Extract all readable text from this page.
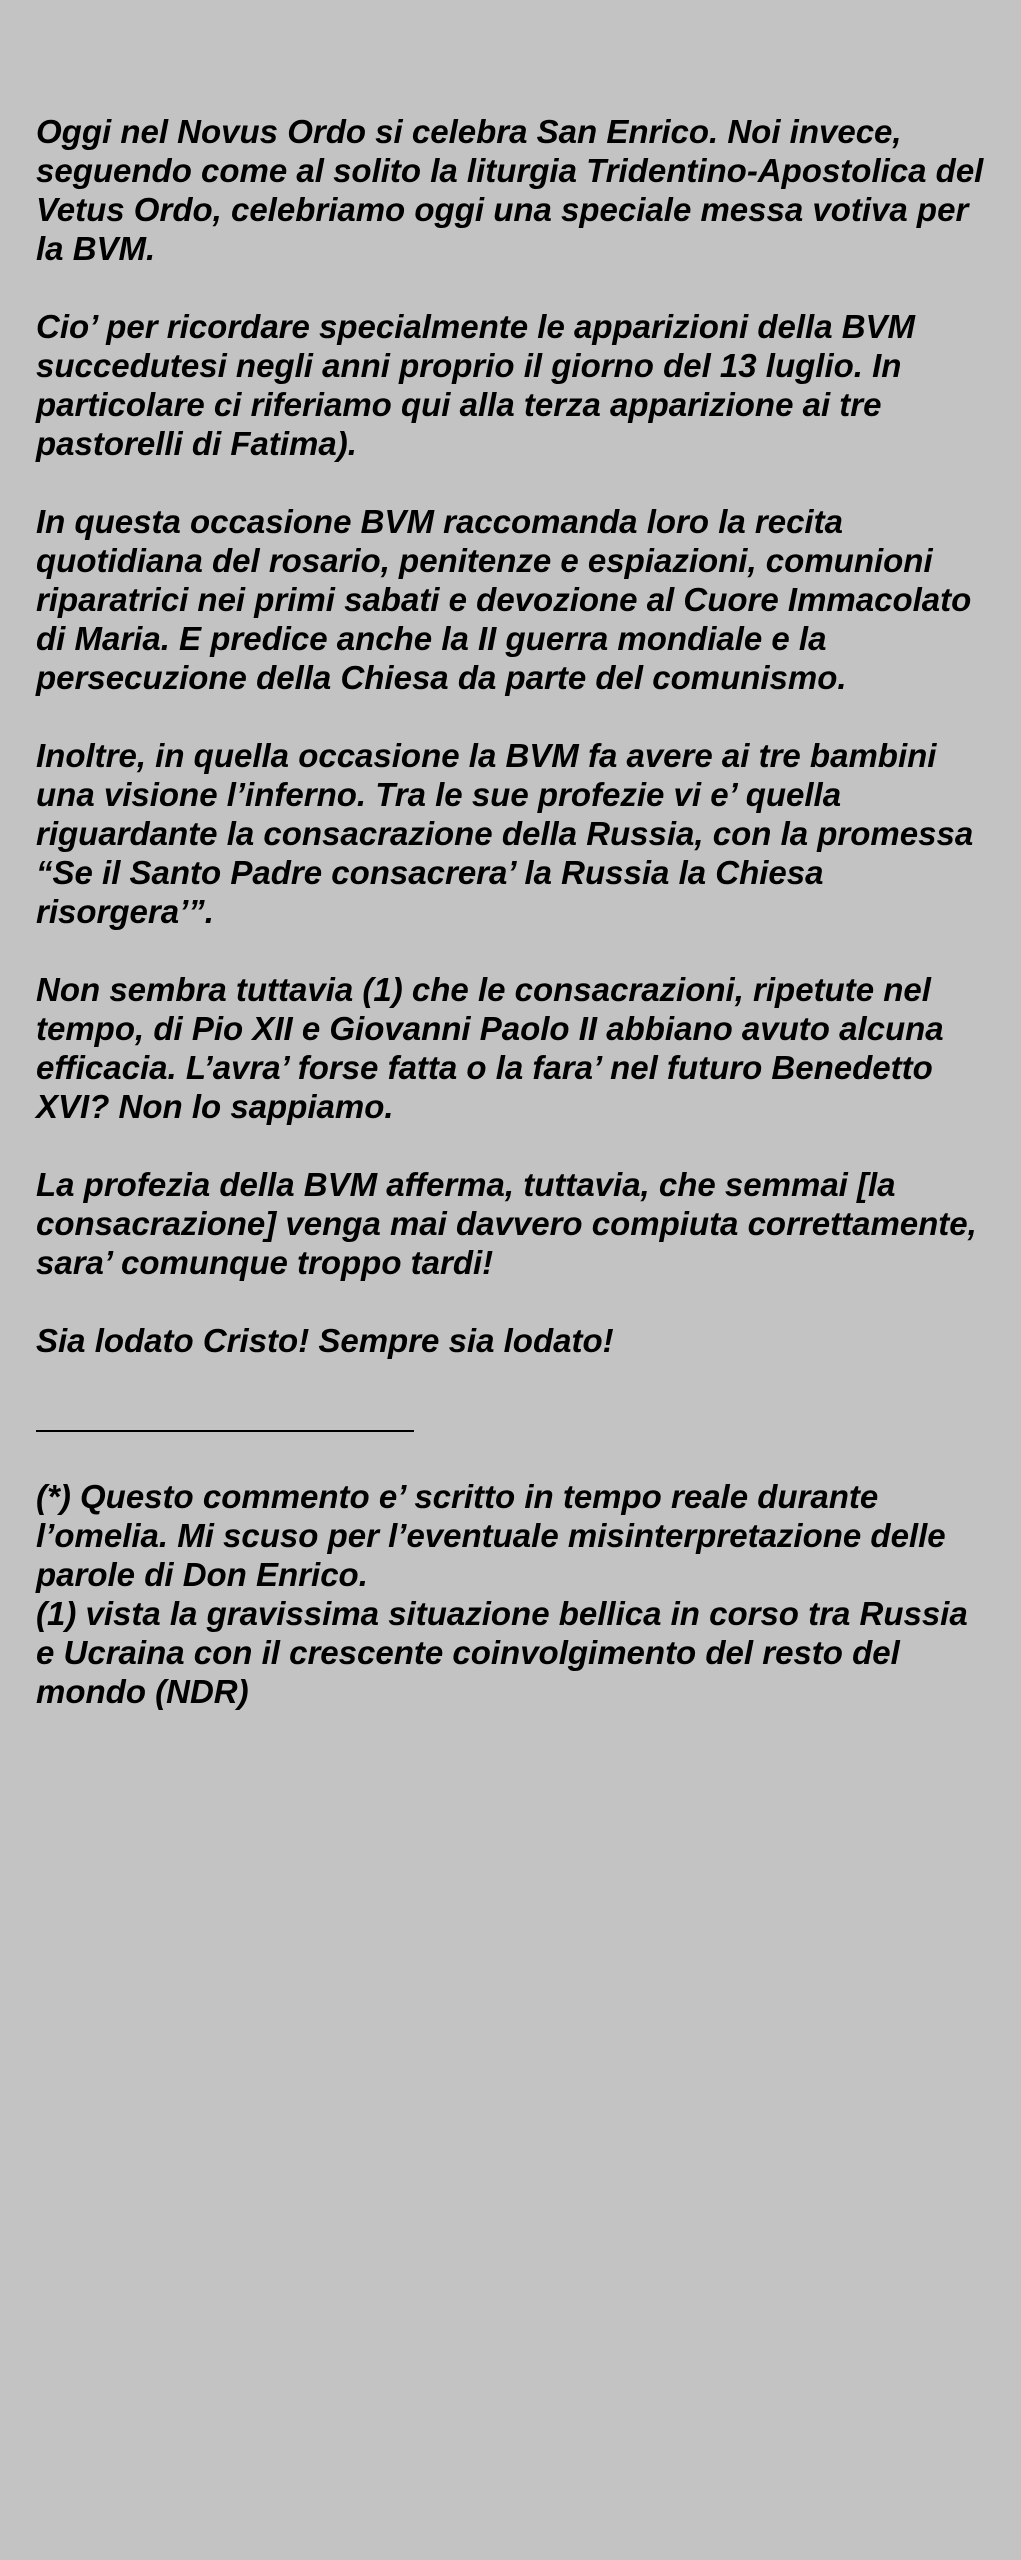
Oggi nel Novus Ordo si celebra San Enrico. Noi invece,
seguendo come al solito la liturgia Tridentino-Apostolica del
Vetus Ordo, celebriamo oggi una speciale messa votiva per
la BVM.
Cio’ per ricordare specialmente le apparizioni della BVM
succedutesi negli anni proprio il giorno del 13 luglio. In
particolare ci riferiamo qui alla terza apparizione ai tre
pastorelli di Fatima).
In questa occasione BVM raccomanda loro la recita
quotidiana del rosario, penitenze e espiazioni, comunioni
riparatrici nei primi sabati e devozione al Cuore Immacolato
di Maria. E predice anche la II guerra mondiale e la
persecuzione della Chiesa da parte del comunismo.
Inoltre, in quella occasione la BVM fa avere ai tre bambini
una visione l’inferno. Tra le sue profezie vi e’ quella
riguardante la consacrazione della Russia, con la promessa
“Se il Santo Padre consacrera’ la Russia la Chiesa
risorgera’”.
Non sembra tuttavia (1) che le consacrazioni, ripetute nel
tempo, di Pio XII e Giovanni Paolo II abbiano avuto alcuna
efficacia. L’avra’ forse fatta o la fara’ nel futuro Benedetto
XVI? Non lo sappiamo.
La profezia della BVM afferma, tuttavia, che semmai [la
consacrazione] venga mai davvero compiuta correttamente,
sara’ comunque troppo tardi!
Sia lodato Cristo! Sempre sia lodato!
(*) Questo commento e’ scritto in tempo reale durante
l’omelia. Mi scuso per l’eventuale misinterpretazione delle
parole di Don Enrico.
(1) vista la gravissima situazione bellica in corso tra Russia
e Ucraina con il crescente coinvolgimento del resto del
mondo (NDR)
